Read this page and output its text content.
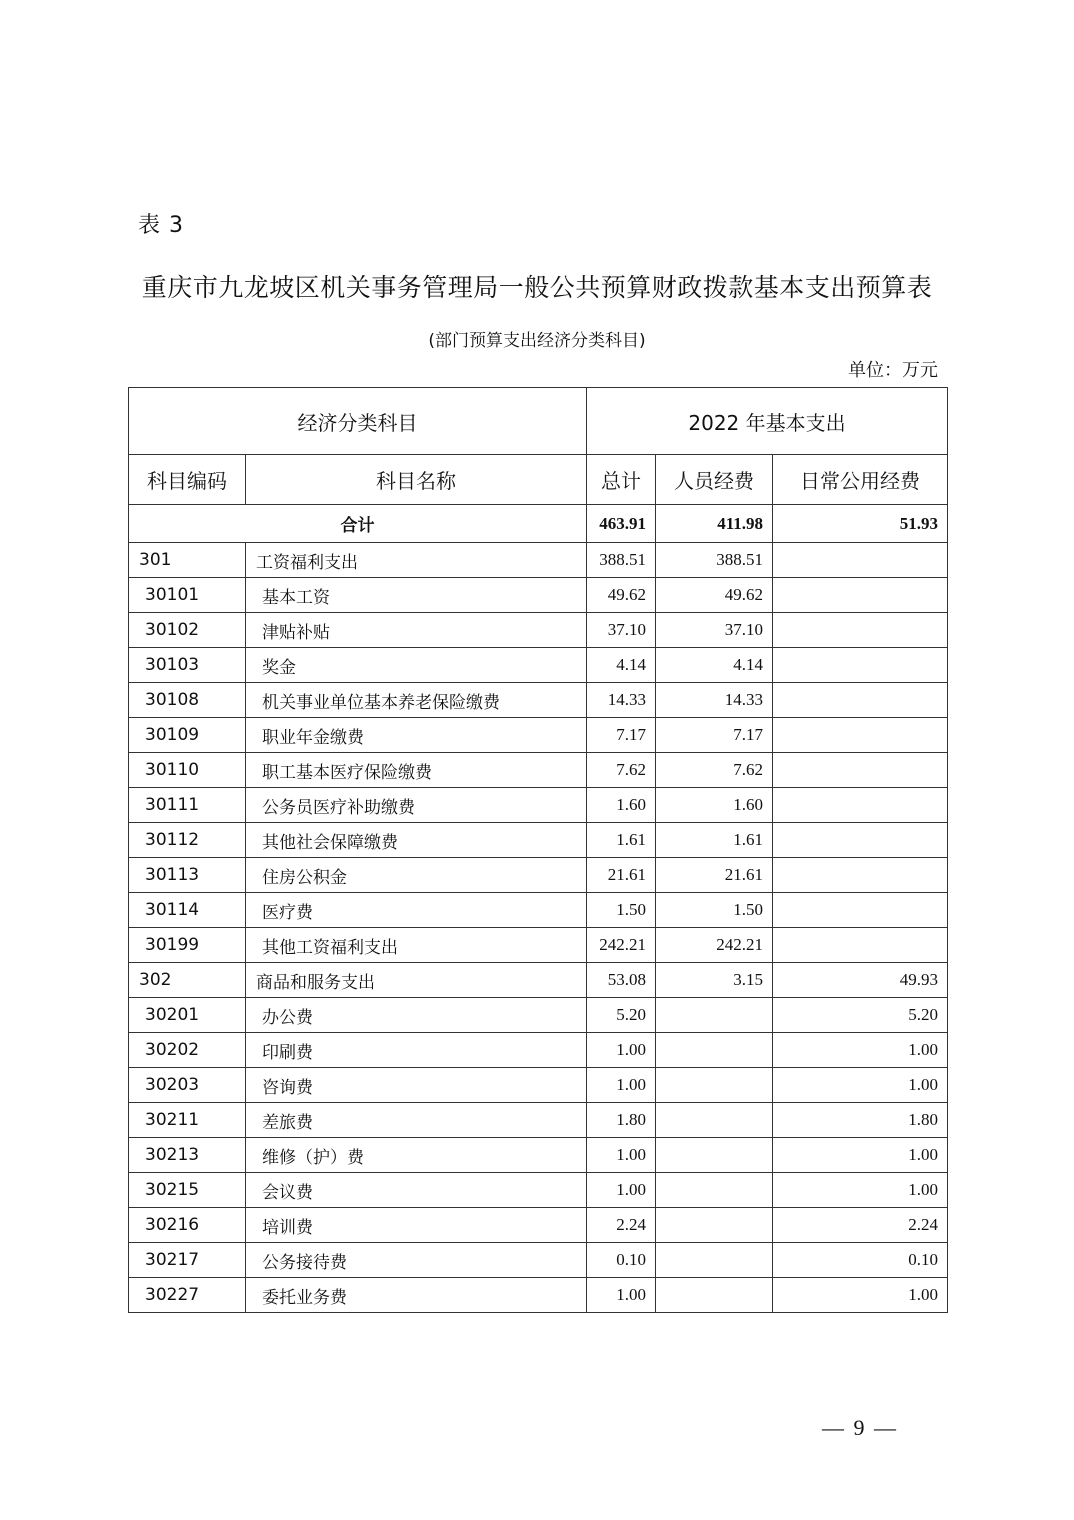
表 3
重庆市九龙坡区机关事务管理局一般公共预算财政拨款基本支出预算表
(部门预算支出经济分类科目)
单位：万元
经济分类科目		2022 年基本支出		
科目编码	科目名称	总计	人员经费	日常公用经费
合计		463.91	411.98	51.93
301	工资福利支出	388.51	388.51	
30101	基本工资	49.62	49.62	
30102	津贴补贴	37.10	37.10	
30103	奖金	4.14	4.14	
30108	机关事业单位基本养老保险缴费	14.33	14.33	
30109	职业年金缴费	7.17	7.17	
30110	职工基本医疗保险缴费	7.62	7.62	
30111	公务员医疗补助缴费	1.60	1.60	
30112	其他社会保障缴费	1.61	1.61	
30113	住房公积金	21.61	21.61	
30114	医疗费	1.50	1.50	
30199	其他工资福利支出	242.21	242.21	
302	商品和服务支出	53.08	3.15	49.93
30201	办公费	5.20		5.20
30202	印刷费	1.00		1.00
30203	咨询费	1.00		1.00
30211	差旅费	1.80		1.80
30213	维修（护）费	1.00		1.00
30215	会议费	1.00		1.00
30216	培训费	2.24		2.24
30217	公务接待费	0.10		0.10
30227	委托业务费	1.00		1.00
— 9 —
